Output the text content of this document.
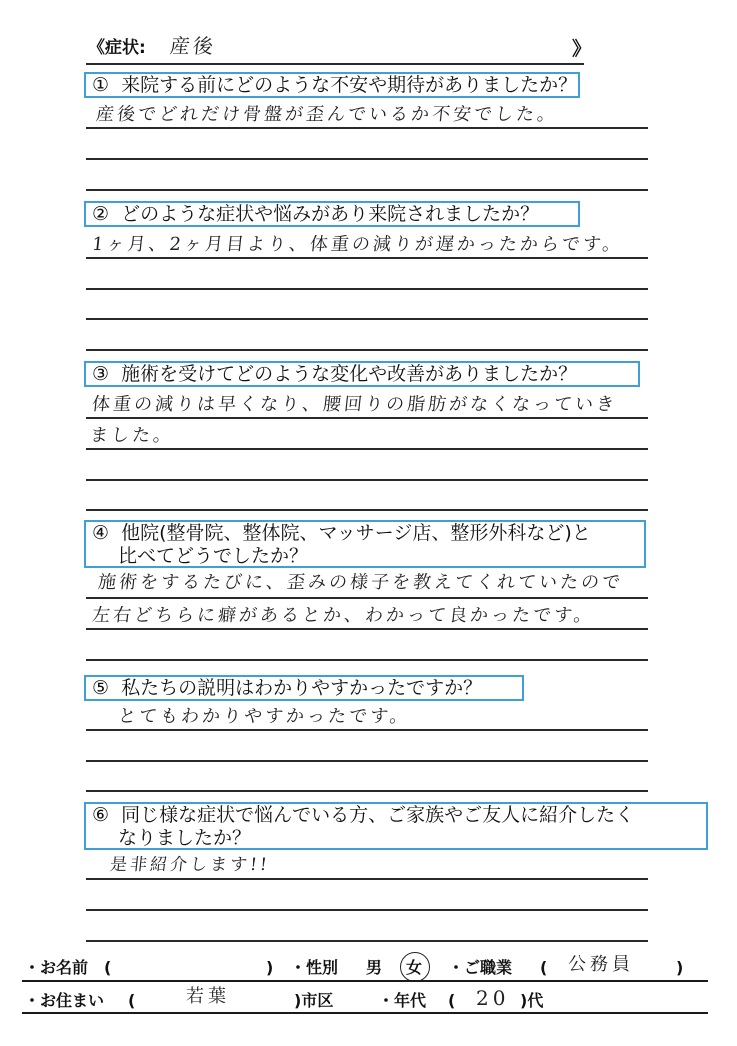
《症状: 産後	》
① 来院する前にどのような不安や期待がありましたか？
産後でどれだけ骨盤が歪んでいるか不安でした。
② どのような症状や悩みがあり来院されましたか？
1ヶ月、2ヶ月目より、体重の減りが遅かったからです。
③ 施術を受けてどのような変化や改善がありましたか？
体重の減りは早くなり、腰回りの脂肪がなくなっていき
ました。
④ 他院(整骨院、整体院、マッサージ店、整形外科など)と
比べてどうでしたか？
施術をするたびに、歪みの様子を教えてくれていたので
左右どちらに癖があるとか、わかって良かったです。
⑤ 私たちの説明はわかりやすかったですか？
とてもわかりやすかったです。
⑥ 同じ様な症状で悩んでいる方、ご家族やご友人に紹介したく
なりましたか？
是非紹介します!!
・お名前 (	) ・性別 男 女 ・ご職業 ( 公務員	)
・お住まい (	若葉	)市区	・年代 ( 20 )代
